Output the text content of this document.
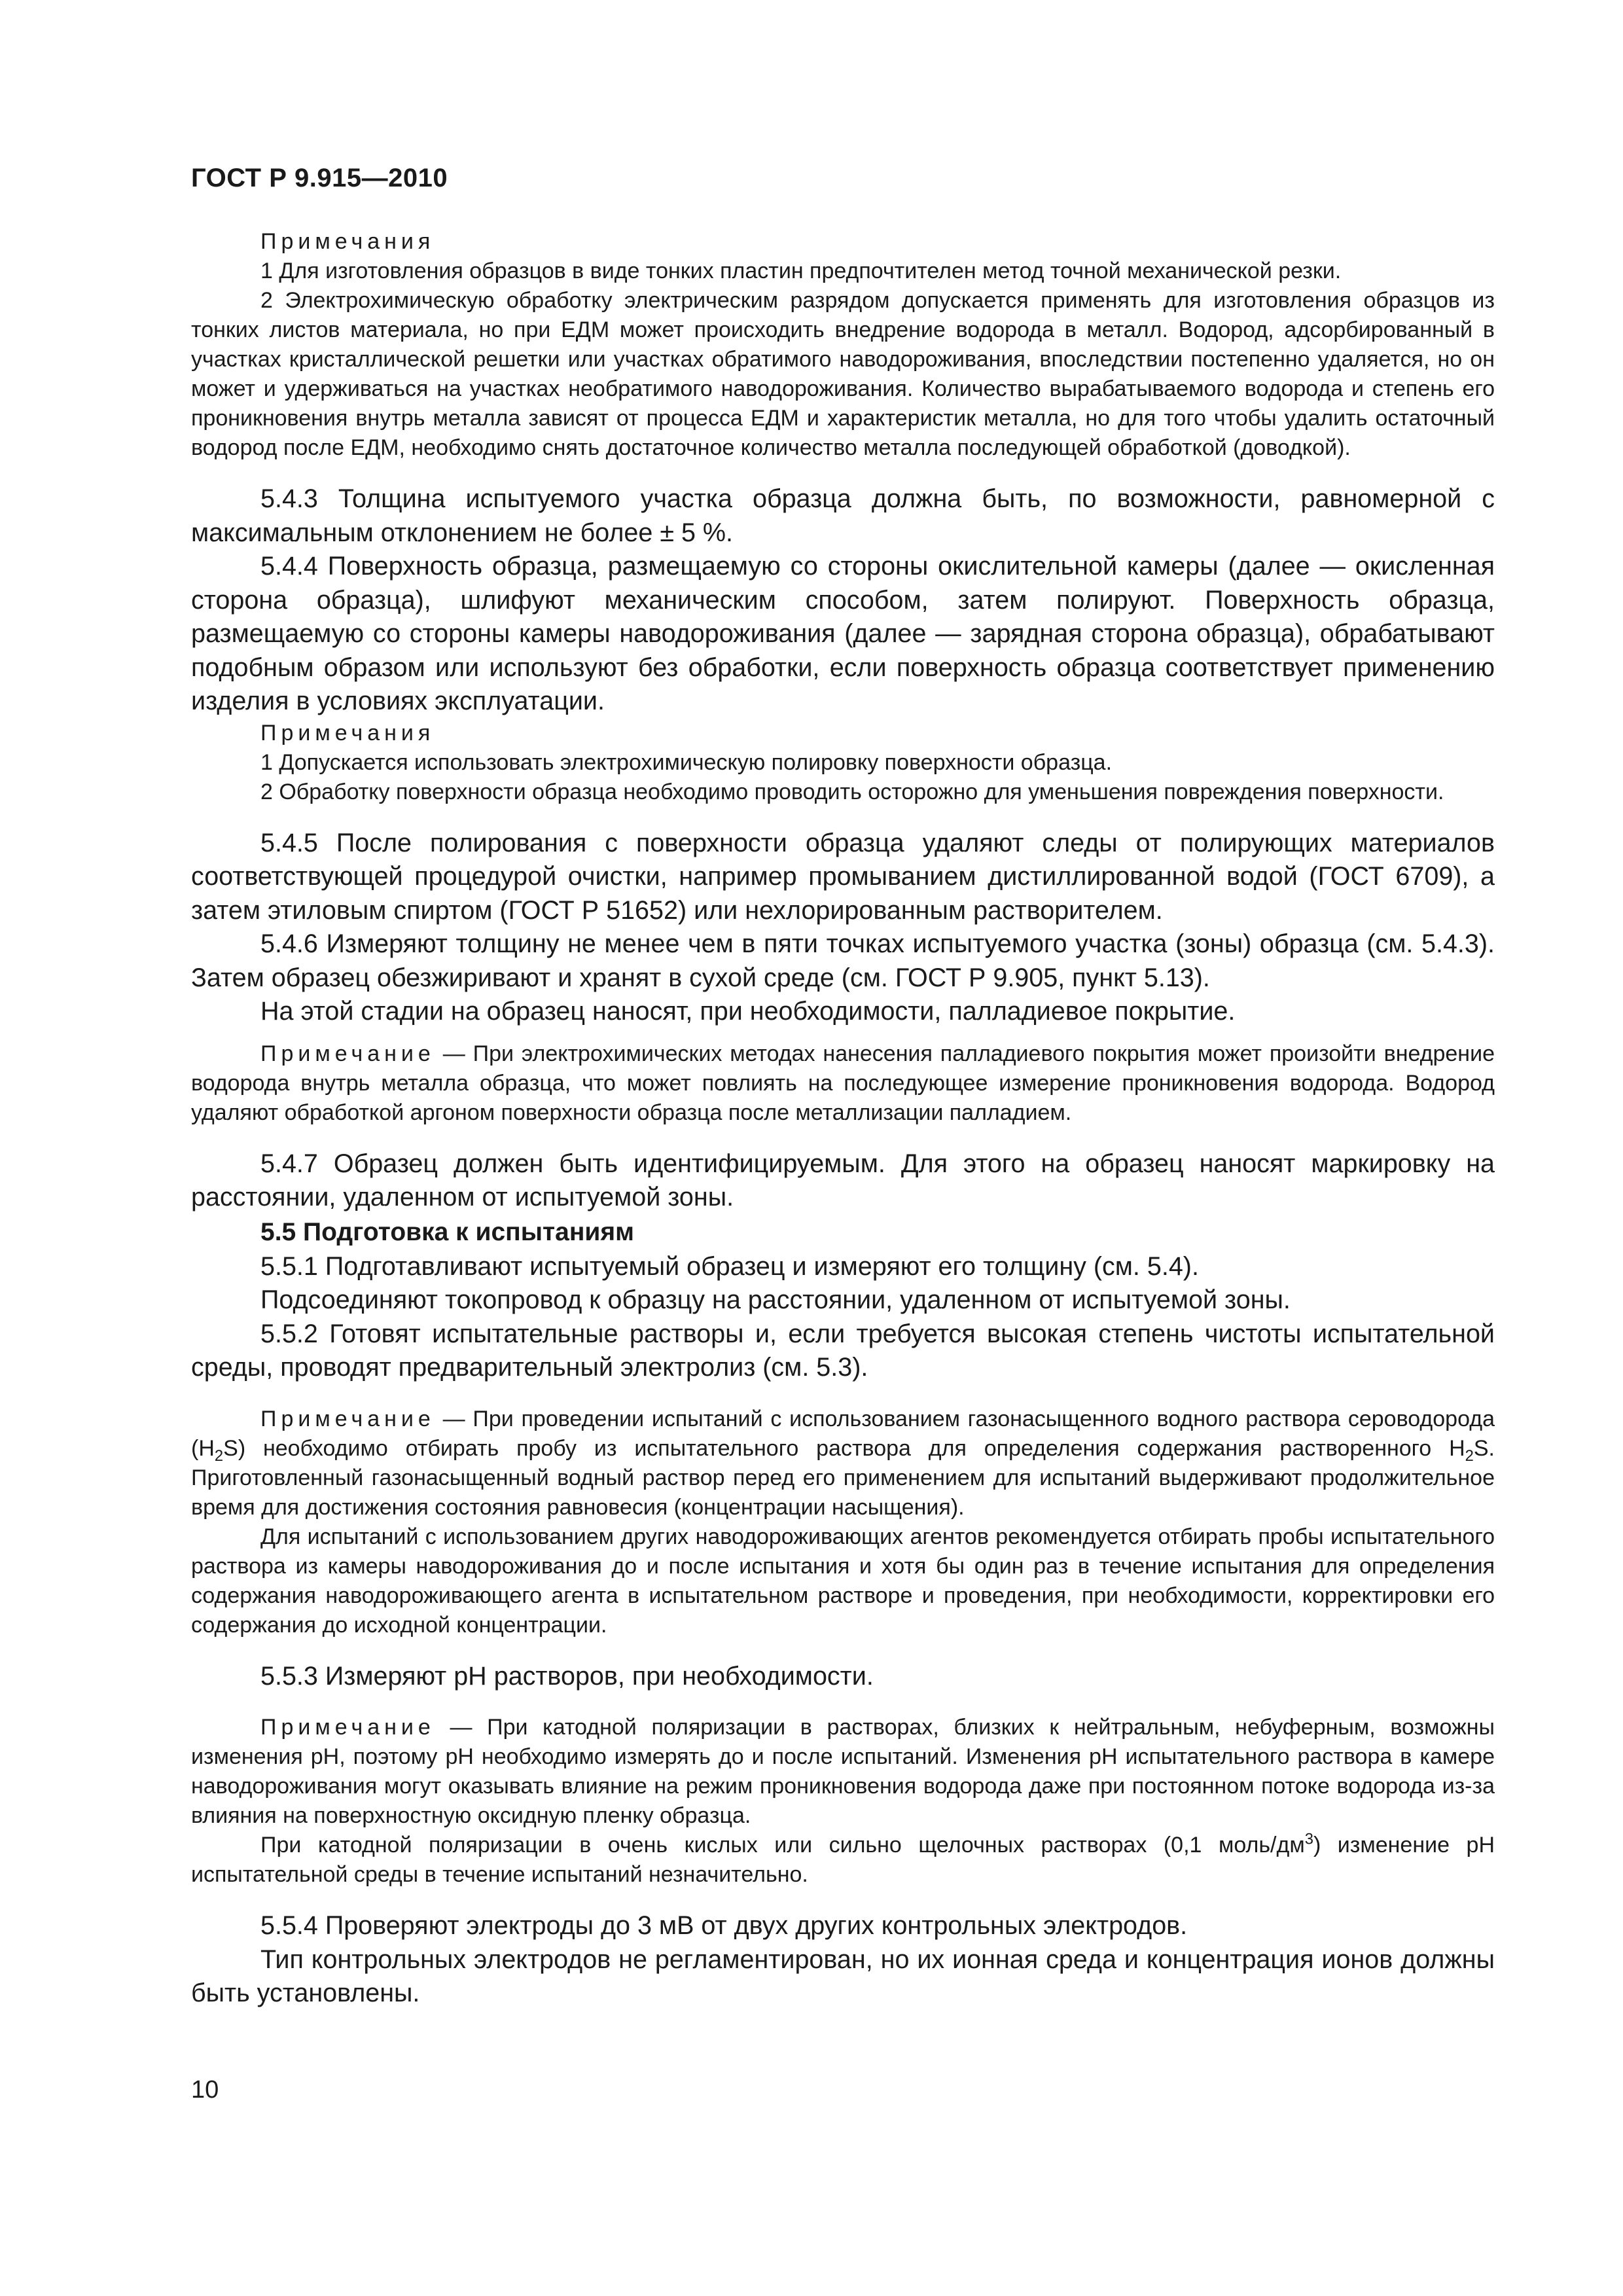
ГОСТ Р 9.915—2010

Примечания

1 Для изготовления образцов в виде тонких пластин предпочтителен метод точной механической резки.

2 Электрохимическую обработку электрическим разрядом допускается применять для изготовления образцов из тонких листов материала, но при ЕДМ может происходить внедрение водорода в металл. Водород, адсорбированный в участках кристаллической решетки или участках обратимого наводороживания, впоследствии постепенно удаляется, но он может и удерживаться на участках необратимого наводороживания. Количество вырабатываемого водорода и степень его проникновения внутрь металла зависят от процесса ЕДМ и характеристик металла, но для того чтобы удалить остаточный водород после ЕДМ, необходимо снять достаточное количество металла последующей обработкой (доводкой).

5.4.3 Толщина испытуемого участка образца должна быть, по возможности, равномерной с максимальным отклонением не более ± 5 %.

5.4.4 Поверхность образца, размещаемую со стороны окислительной камеры (далее — окисленная сторона образца), шлифуют механическим способом, затем полируют. Поверхность образца, размещаемую со стороны камеры наводороживания (далее — зарядная сторона образца), обрабатывают подобным образом или используют без обработки, если поверхность образца соответствует применению изделия в условиях эксплуатации.

Примечания

1 Допускается использовать электрохимическую полировку поверхности образца.

2 Обработку поверхности образца необходимо проводить осторожно для уменьшения повреждения поверхности.

5.4.5 После полирования с поверхности образца удаляют следы от полирующих материалов соответствующей процедурой очистки, например промыванием дистиллированной водой (ГОСТ 6709), а затем этиловым спиртом (ГОСТ Р 51652) или нехлорированным растворителем.

5.4.6 Измеряют толщину не менее чем в пяти точках испытуемого участка (зоны) образца (см. 5.4.3). Затем образец обезжиривают и хранят в сухой среде (см. ГОСТ Р 9.905, пункт 5.13).

На этой стадии на образец наносят, при необходимости, палладиевое покрытие.

Примечание — При электрохимических методах нанесения палладиевого покрытия может произойти внедрение водорода внутрь металла образца, что может повлиять на последующее измерение проникновения водорода. Водород удаляют обработкой аргоном поверхности образца после металлизации палладием.

5.4.7 Образец должен быть идентифицируемым. Для этого на образец наносят маркировку на расстоянии, удаленном от испытуемой зоны.

5.5 Подготовка к испытаниям

5.5.1 Подготавливают испытуемый образец и измеряют его толщину (см. 5.4).

Подсоединяют токопровод к образцу на расстоянии, удаленном от испытуемой зоны.

5.5.2 Готовят испытательные растворы и, если требуется высокая степень чистоты испытательной среды, проводят предварительный электролиз (см. 5.3).

Примечание — При проведении испытаний с использованием газонасыщенного водного раствора сероводорода $(H_2S)$ необходимо отбирать пробу из испытательного раствора для определения содержания растворенного $H_2S$. Приготовленный газонасыщенный водный раствор перед его применением для испытаний выдерживают продолжительное время для достижения состояния равновесия (концентрации насыщения).

Для испытаний с использованием других наводороживающих агентов рекомендуется отбирать пробы испытательного раствора из камеры наводороживания до и после испытания и хотя бы один раз в течение испытания для определения содержания наводороживающего агента в испытательном растворе и проведения, при необходимости, корректировки его содержания до исходной концентрации.

5.5.3 Измеряют рН растворов, при необходимости.

Примечание — При катодной поляризации в растворах, близких к нейтральным, небуферным, возможны изменения рН, поэтому рН необходимо измерять до и после испытаний. Изменения рН испытательного раствора в камере наводороживания могут оказывать влияние на режим проникновения водорода даже при постоянном потоке водорода из-за влияния на поверхностную оксидную пленку образца.

При катодной поляризации в очень кислых или сильно щелочных растворах (0,1 моль/$дм^3$) изменение рН испытательной среды в течение испытаний незначительно.

5.5.4 Проверяют электроды до 3 мВ от двух других контрольных электродов.

Тип контрольных электродов не регламентирован, но их ионная среда и концентрация ионов должны быть установлены.

10
